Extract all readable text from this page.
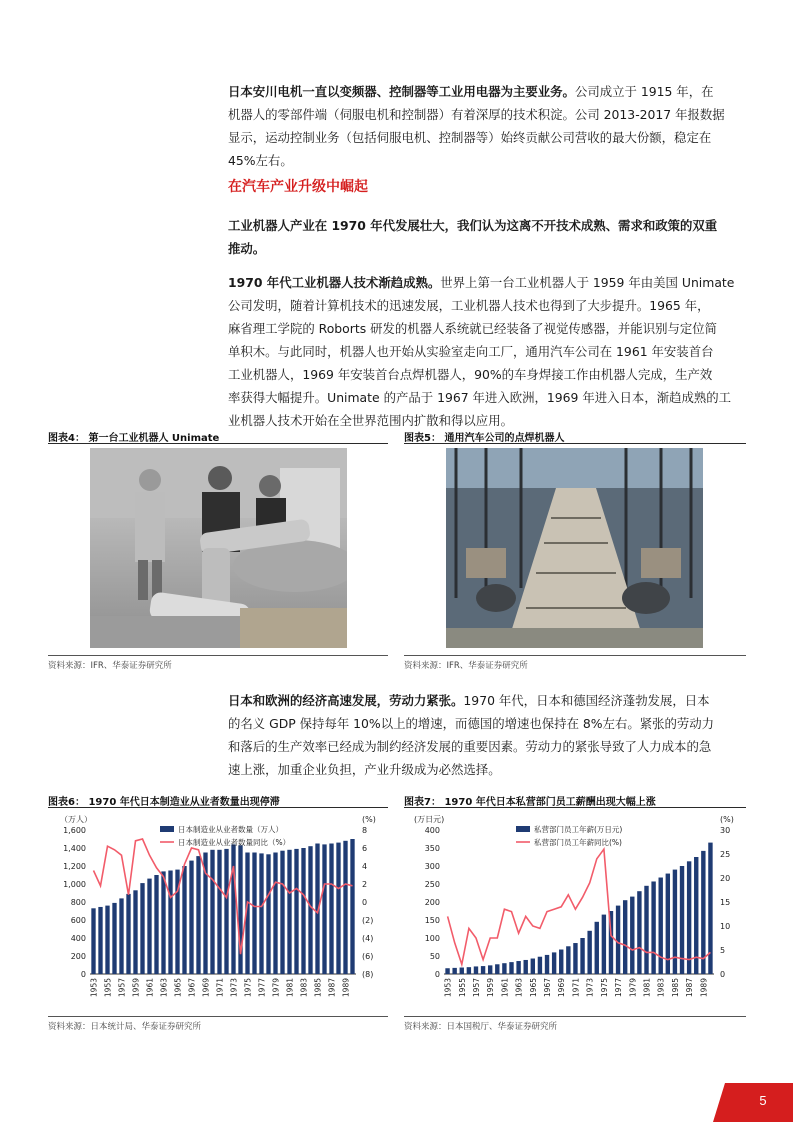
日本安川电机一直以变频器、控制器等工业用电器为主要业务。公司成立于 1915 年，在
机器人的零部件端（伺服电机和控制器）有着深厚的技术积淀。公司 2013-2017 年报数据
显示，运动控制业务（包括伺服电机、控制器等）始终贡献公司营收的最大份额，稳定在
45%左右。
在汽车产业升级中崛起
工业机器人产业在 1970 年代发展壮大，我们认为这离不开技术成熟、需求和政策的双重
推动。
1970 年代工业机器人技术渐趋成熟。世界上第一台工业机器人于 1959 年由美国 Unimate
公司发明，随着计算机技术的迅速发展，工业机器人技术也得到了大步提升。1965 年，
麻省理工学院的 Roborts 研发的机器人系统就已经装备了视觉传感器，并能识别与定位简
单积木。与此同时，机器人也开始从实验室走向工厂，通用汽车公司在 1961 年安装首台
工业机器人，1969 年安装首台点焊机器人，90%的车身焊接工作由机器人完成，生产效
率获得大幅提升。Unimate 的产品于 1967 年进入欧洲，1969 年进入日本，渐趋成熟的工
业机器人技术开始在全世界范围内扩散和得以应用。
图表4： 第一台工业机器人 Unimate
资料来源：IFR、华泰证券研究所
图表5： 通用汽车公司的点焊机器人
资料来源：IFR、华泰证券研究所
日本和欧洲的经济高速发展，劳动力紧张。1970 年代，日本和德国经济蓬勃发展，日本
的名义 GDP 保持每年 10%以上的增速，而德国的增速也保持在 8%左右。紧张的劳动力
和落后的生产效率已经成为制约经济发展的重要因素。劳动力的紧张导致了人力成本的急
速上涨，加重企业负担，产业升级成为必然选择。
图表6： 1970 年代日本制造业从业者数量出现停滞
（万人）	(%)
0
200
400
600
800
1,000
1,200
1,400
1,600
(8)
(6)
(4)
(2)
0
2
4
6
8
1953 1955 1957 1959 1961 1963 1965 1967 1969 1971 1973 1975 1977 1979 1981 1983 1985 1987 1989
日本制造业从业者数量（万人）
日本制造业从业者数量同比（%）
资料来源：日本统计局、华泰证券研究所
图表7： 1970 年代日本私营部门员工薪酬出现大幅上涨
(万日元)	(%)
0
50
100
150
200
250
300
350
400
0
5
10
15
20
25
30
1953 1955 1957 1959 1961 1963 1965 1967 1969 1971 1973 1975 1977 1979 1981 1983 1985 1987 1989
私营部门员工年薪(万日元)
私营部门员工年薪同比(%)
资料来源：日本国税厅、华泰证券研究所
5
